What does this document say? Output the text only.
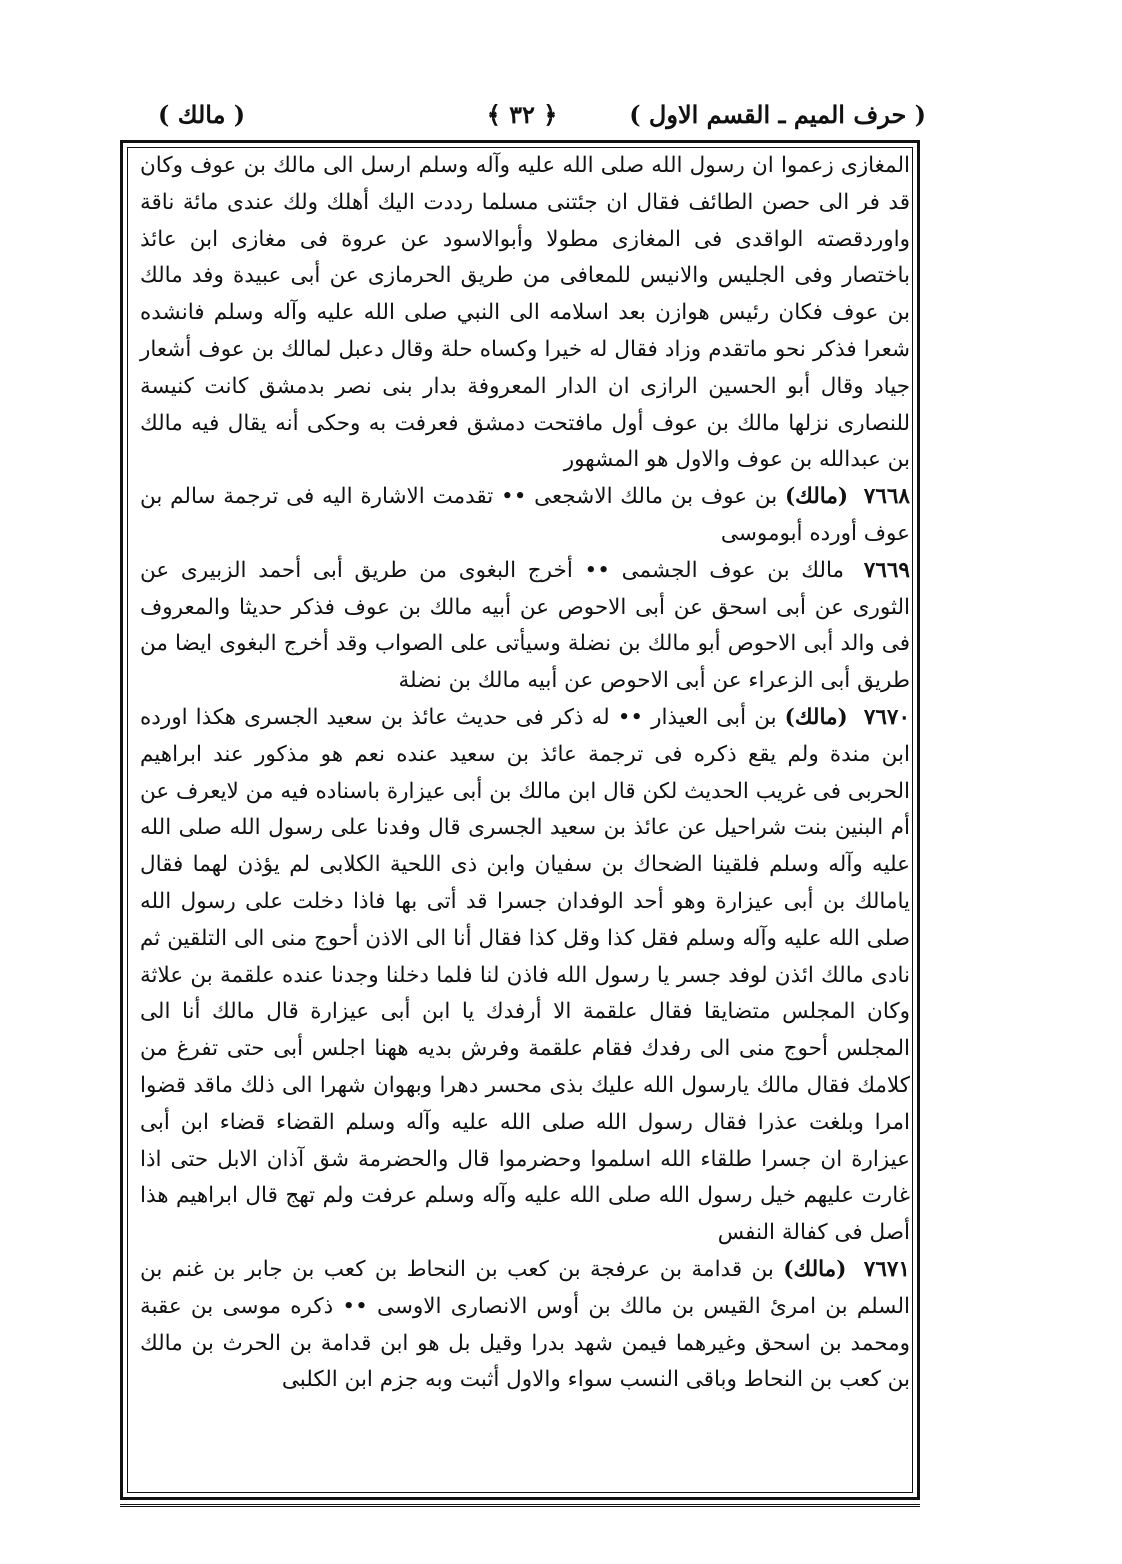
( حرف الميم ـ القسم الاول )
﴿ ٣٢ ﴾
( مالك )

المغازى زعموا ان رسول الله صلى الله عليه وآله وسلم ارسل الى مالك بن عوف وكان قد فر الى حصن الطائف فقال ان جئتنى مسلما رددت اليك أهلك ولك عندى مائة ناقة واوردقصته الواقدى فى المغازى مطولا وأبوالاسود عن عروة فى مغازى ابن عائذ باختصار وفى الجليس والانيس للمعافى من طريق الحرمازى عن أبى عبيدة وفد مالك بن عوف فكان رئيس هوازن بعد اسلامه الى النبي صلى الله عليه وآله وسلم فانشده شعرا فذكر نحو ماتقدم وزاد فقال له خيرا وكساه حلة وقال دعبل لمالك بن عوف أشعار جياد وقال أبو الحسين الرازى ان الدار المعروفة بدار بنى نصر بدمشق كانت كنيسة للنصارى نزلها مالك بن عوف أول مافتحت دمشق فعرفت به وحكى أنه يقال فيه مالك بن عبدالله بن عوف والاول هو المشهور

٧٦٦٨ (مالك) بن عوف بن مالك الاشجعى •• تقدمت الاشارة اليه فى ترجمة سالم بن عوف أورده أبوموسى

٧٦٦٩ مالك بن عوف الجشمى •• أخرج البغوى من طريق أبى أحمد الزبيرى عن الثورى عن أبى اسحق عن أبى الاحوص عن أبيه مالك بن عوف فذكر حديثا والمعروف فى والد أبى الاحوص أبو مالك بن نضلة وسيأتى على الصواب وقد أخرج البغوى ايضا من طريق أبى الزعراء عن أبى الاحوص عن أبيه مالك بن نضلة

٧٦٧٠ (مالك) بن أبى العيذار •• له ذكر فى حديث عائذ بن سعيد الجسرى هكذا اورده ابن مندة ولم يقع ذكره فى ترجمة عائذ بن سعيد عنده نعم هو مذكور عند ابراهيم الحربى فى غريب الحديث لكن قال ابن مالك بن أبى عيزارة باسناده فيه من لايعرف عن أم البنين بنت شراحيل عن عائذ بن سعيد الجسرى قال وفدنا على رسول الله صلى الله عليه وآله وسلم فلقينا الضحاك بن سفيان وابن ذى اللحية الكلابى لم يؤذن لهما فقال يامالك بن أبى عيزارة وهو أحد الوفدان جسرا قد أتى بها فاذا دخلت على رسول الله صلى الله عليه وآله وسلم فقل كذا وقل كذا فقال أنا الى الاذن أحوج منى الى التلقين ثم نادى مالك ائذن لوفد جسر يا رسول الله فاذن لنا فلما دخلنا وجدنا عنده علقمة بن علاثة وكان المجلس متضايقا فقال علقمة الا أرفدك يا ابن أبى عيزارة قال مالك أنا الى المجلس أحوج منى الى رفدك فقام علقمة وفرش بديه ههنا اجلس أبى حتى تفرغ من كلامك فقال مالك يارسول الله عليك بذى محسر دهرا وبهوان شهرا الى ذلك ماقد قضوا امرا وبلغت عذرا فقال رسول الله صلى الله عليه وآله وسلم القضاء قضاء ابن أبى عيزارة ان جسرا طلقاء الله اسلموا وحضرموا قال والحضرمة شق آذان الابل حتى اذا غارت عليهم خيل رسول الله صلى الله عليه وآله وسلم عرفت ولم تهج قال ابراهيم هذا أصل فى كفالة النفس

٧٦٧١ (مالك) بن قدامة بن عرفجة بن كعب بن النحاط بن كعب بن جابر بن غنم بن السلم بن امرئ القيس بن مالك بن أوس الانصارى الاوسى •• ذكره موسى بن عقبة ومحمد بن اسحق وغيرهما فيمن شهد بدرا وقيل بل هو ابن قدامة بن الحرث بن مالك بن كعب بن النحاط وباقى النسب سواء والاول أثبت وبه جزم ابن الكلبى
